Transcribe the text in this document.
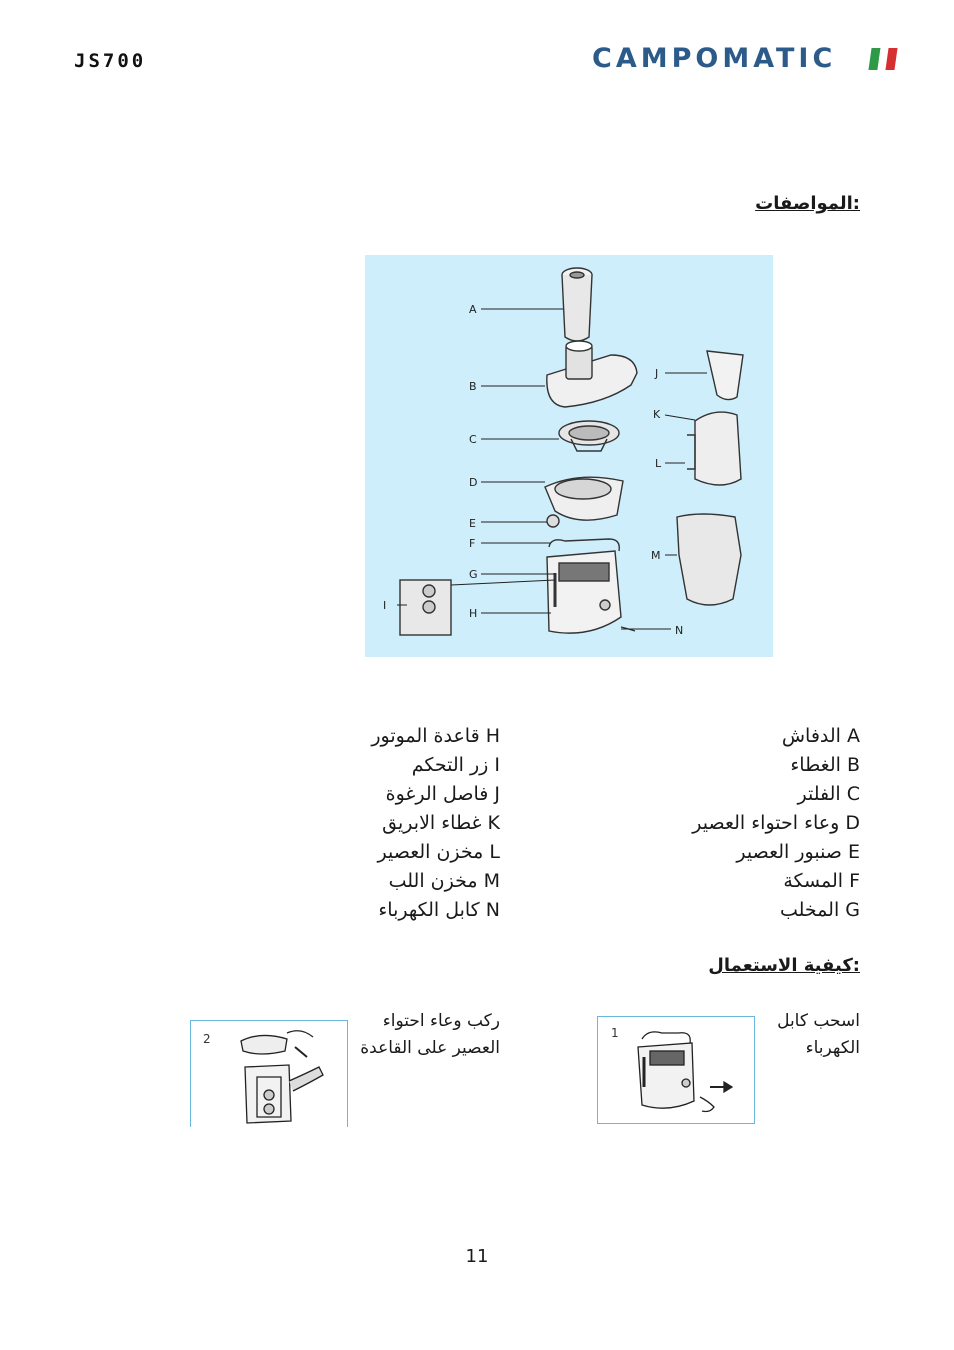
JS700	CAMPOMATIC
:المواصفات
A
B
C
D
E
F
G
H
I
J
K
L
M
N
A الدفاش
B الغطاء
C الفلتر
D وعاء احتواء العصير
E صنبور العصير
F المسكة
G المخلب
H قاعدة الموتور
I زر التحكم
J فاصل الرغوة
K غطاء الابريق
L مخزن العصير
M مخزن اللب
N كابل الكهرباء
:كيفية الاستعمال
اسحب كابل
الكهرباء
1
ركب وعاء احتواء
العصير على القاعدة
2
11
